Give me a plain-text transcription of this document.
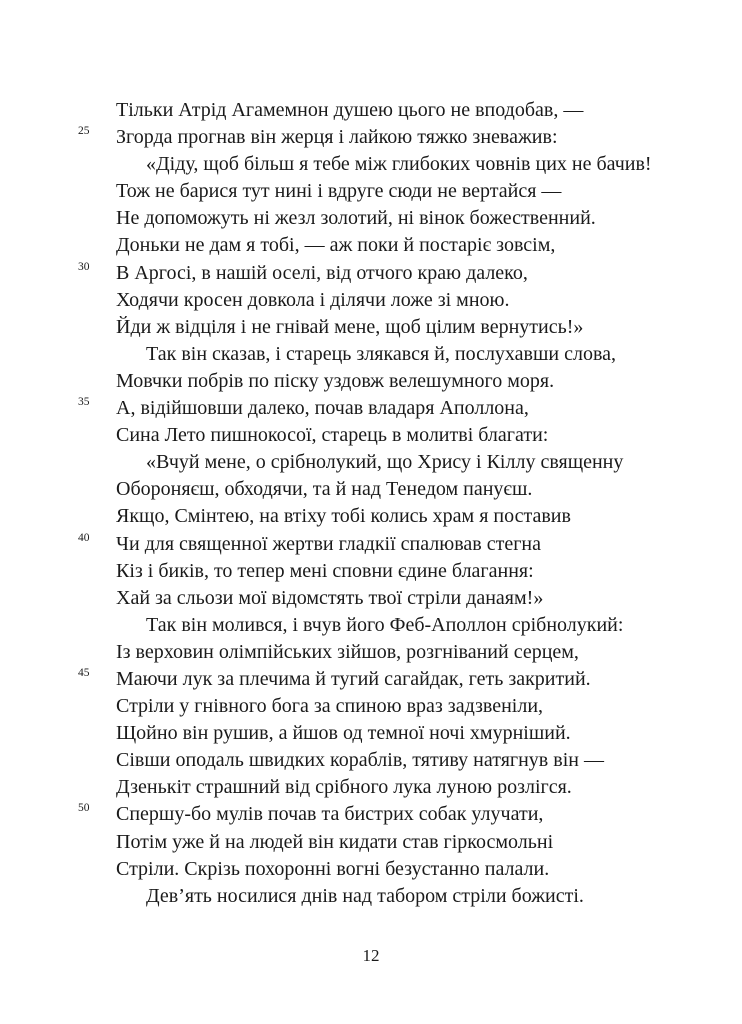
Тільки Атрід Агамемнон душею цього не вподобав, —
25 Згорда прогнав він жерця і лайкою тяжко зневажив:
«Діду, щоб більш я тебе між глибоких човнів цих не бачив!
Тож не барися тут нині і вдруге сюди не вертайся —
Не допоможуть ні жезл золотий, ні вінок божественний.
Доньки не дам я тобі, — аж поки й постаріє зовсім,
30 В Аргосі, в нашій оселі, від отчого краю далеко,
Ходячи кросен довкола і ділячи ложе зі мною.
Йди ж відціля і не гнівай мене, щоб цілим вернутись!»
Так він сказав, і старець злякався й, послухавши слова,
Мовчки побрів по піску уздовж велешумного моря.
35 А, відійшовши далеко, почав владаря Аполлона,
Сина Лето пишнокосої, старець в молитві благати:
«Вчуй мене, о срібнолукий, що Хрису і Кіллу священну
Обороняєш, обходячи, та й над Тенедом пануєш.
Якщо, Смінтею, на втіху тобі колись храм я поставив
40 Чи для священної жертви гладкії спалював стегна
Кіз і биків, то тепер мені сповни єдине благання:
Хай за сльози мої відомстять твої стріли данаям!»
Так він молився, і вчув його Феб-Аполлон срібнолукий:
Із верховин олімпійських зійшов, розгніваний серцем,
45 Маючи лук за плечима й тугий сагайдак, геть закритий.
Стріли у гнівного бога за спиною враз задзвеніли,
Щойно він рушив, а йшов од темної ночі хмурніший.
Сівши оподаль швидких кораблів, тятиву натягнув він —
Дзенькіт страшний від срібного лука луною розлігся.
50 Спершу-бо мулів почав та бистрих собак улучати,
Потім уже й на людей він кидати став гіркосмольні
Стріли. Скрізь похоронні вогні безустанно палали.
Дев’ять носилися днів над табором стріли божисті.
12
